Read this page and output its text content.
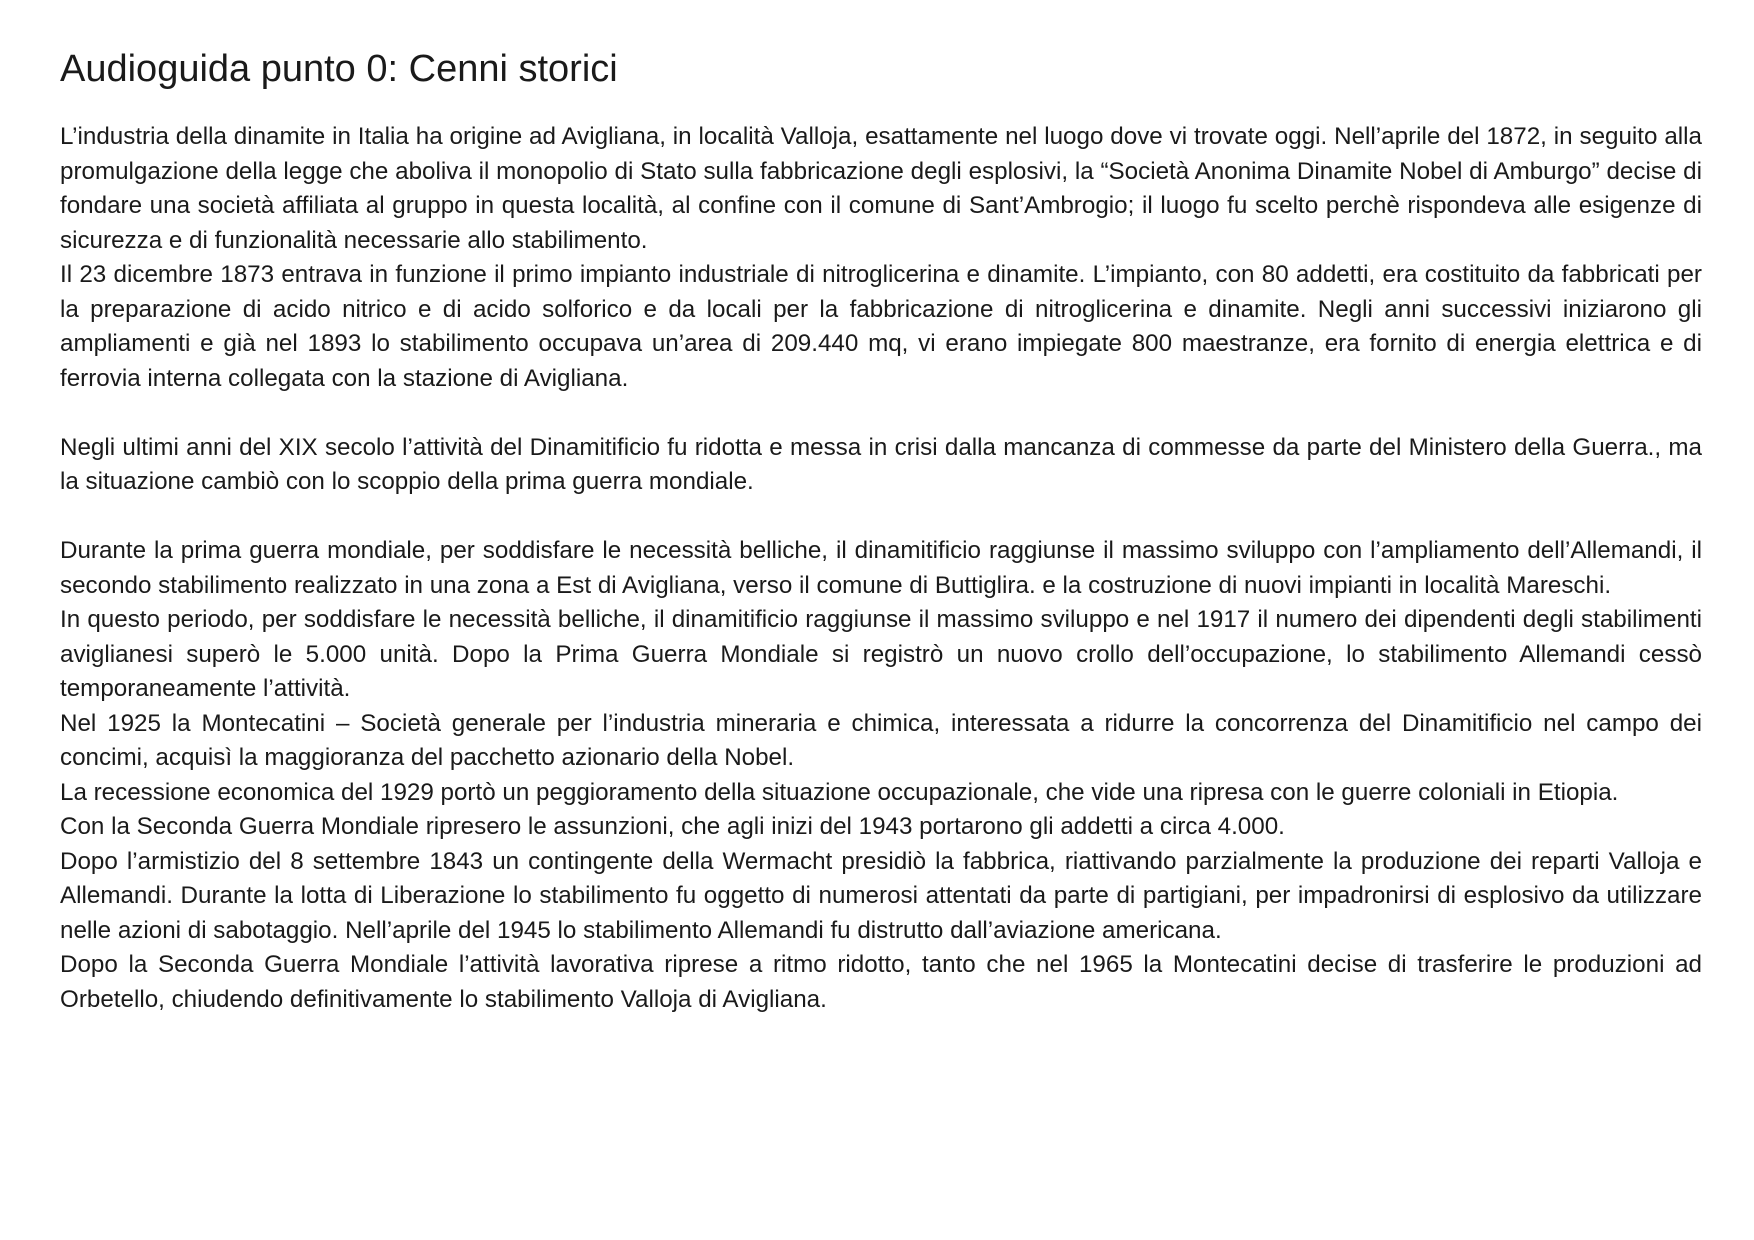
Audioguida punto 0: Cenni storici

L’industria della dinamite in Italia ha origine ad Avigliana, in località Valloja, esattamente nel luogo dove vi trovate oggi. Nell’aprile del 1872, in seguito alla promulgazione della legge che aboliva il monopolio di Stato sulla fabbricazione degli esplosivi, la “Società Anonima Dinamite Nobel di Amburgo” decise di fondare una società affiliata al gruppo in questa località, al confine con il comune di Sant’Ambrogio; il luogo fu scelto perchè rispondeva alle esigenze di sicurezza e di funzionalità necessarie allo stabilimento.

Il 23 dicembre 1873 entrava in funzione il primo impianto industriale di nitroglicerina e dinamite. L’impianto, con 80 addetti, era costituito da fabbricati per la preparazione di acido nitrico e di acido solforico e da locali per la fabbricazione di nitroglicerina e dinamite. Negli anni successivi iniziarono gli ampliamenti e già nel 1893 lo stabilimento occupava un’area di 209.440 mq, vi erano impiegate 800 maestranze, era fornito di energia elettrica e di ferrovia interna collegata con la stazione di Avigliana.

Negli ultimi anni del XIX secolo l’attività del Dinamitificio fu ridotta e messa in crisi dalla mancanza di commesse da parte del Ministero della Guerra., ma la situazione cambiò con lo scoppio della prima guerra mondiale.

Durante la prima guerra mondiale, per soddisfare le necessità belliche, il dinamitificio raggiunse il massimo sviluppo con l’ampliamento dell’Allemandi, il secondo stabilimento realizzato in una zona a Est di Avigliana, verso il comune di Buttiglira. e la costruzione di nuovi impianti in località Mareschi.

In questo periodo, per soddisfare le necessità belliche, il dinamitificio raggiunse il massimo sviluppo e nel 1917 il numero dei dipendenti degli stabilimenti aviglianesi superò le 5.000 unità. Dopo la Prima Guerra Mondiale si registrò un nuovo crollo dell’occupazione, lo stabilimento Allemandi cessò temporaneamente l’attività.

Nel 1925 la Montecatini – Società generale per l’industria mineraria e chimica, interessata a ridurre la concorrenza del Dinamitificio nel campo dei concimi, acquisì la maggioranza del pacchetto azionario della Nobel.

La recessione economica del 1929 portò un peggioramento della situazione occupazionale, che vide una ripresa con le guerre coloniali in Etiopia.

Con la Seconda Guerra Mondiale ripresero le assunzioni, che agli inizi del 1943 portarono gli addetti a circa 4.000.

Dopo l’armistizio del 8 settembre 1843 un contingente della Wermacht presidiò la fabbrica, riattivando parzialmente la produzione dei reparti Valloja e Allemandi. Durante la lotta di Liberazione lo stabilimento fu oggetto di numerosi attentati da parte di partigiani, per impadronirsi di esplosivo da utilizzare nelle azioni di sabotaggio. Nell’aprile del 1945 lo stabilimento Allemandi fu distrutto dall’aviazione americana.

Dopo la Seconda Guerra Mondiale l’attività lavorativa riprese a ritmo ridotto, tanto che nel 1965 la Montecatini decise di trasferire le produzioni ad Orbetello, chiudendo definitivamente lo stabilimento Valloja di Avigliana.
